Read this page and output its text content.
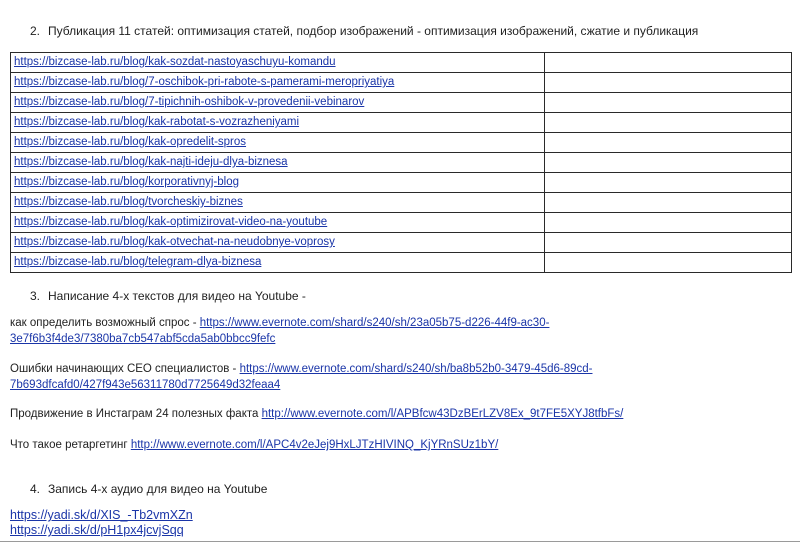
2. Публикация 11 статей: оптимизация статей, подбор изображений - оптимизация изображений, сжатие и публикация
https://bizcase-lab.ru/blog/kak-sozdat-nastoyaschuyu-komandu	
https://bizcase-lab.ru/blog/7-oschibok-pri-rabote-s-pamerami-meropriyatiya	
https://bizcase-lab.ru/blog/7-tipichnih-oshibok-v-provedenii-vebinarov	
https://bizcase-lab.ru/blog/kak-rabotat-s-vozrazheniyami	
https://bizcase-lab.ru/blog/kak-opredelit-spros	
https://bizcase-lab.ru/blog/kak-najti-ideju-dlya-biznesa	
https://bizcase-lab.ru/blog/korporativnyj-blog	
https://bizcase-lab.ru/blog/tvorcheskiy-biznes	
https://bizcase-lab.ru/blog/kak-optimizirovat-video-na-youtube	
https://bizcase-lab.ru/blog/kak-otvechat-na-neudobnye-voprosy	
https://bizcase-lab.ru/blog/telegram-dlya-biznesa	
3. Написание 4-х текстов для видео на Youtube -
как определить возможный спрос - https://www.evernote.com/shard/s240/sh/23a05b75-d226-44f9-ac30-
3e7f6b3f4de3/7380ba7cb547abf5cda5ab0bbcc9fefc
Ошибки начинающих СЕО специалистов - https://www.evernote.com/shard/s240/sh/ba8b52b0-3479-45d6-89cd-
7b693dfcafd0/427f943e56311780d7725649d32feaa4
Продвижение в Инстаграм 24 полезных факта http://www.evernote.com/l/APBfcw43DzBErLZV8Ex_9t7FE5XYJ8tfbFs/
Что такое ретаргетинг http://www.evernote.com/l/APC4v2eJej9HxLJTzHIVINQ_KjYRnSUz1bY/
4. Запись 4-х аудио для видео на Youtube
https://yadi.sk/d/XIS_-Tb2vmXZn
https://yadi.sk/d/pH1px4jcvjSqq
